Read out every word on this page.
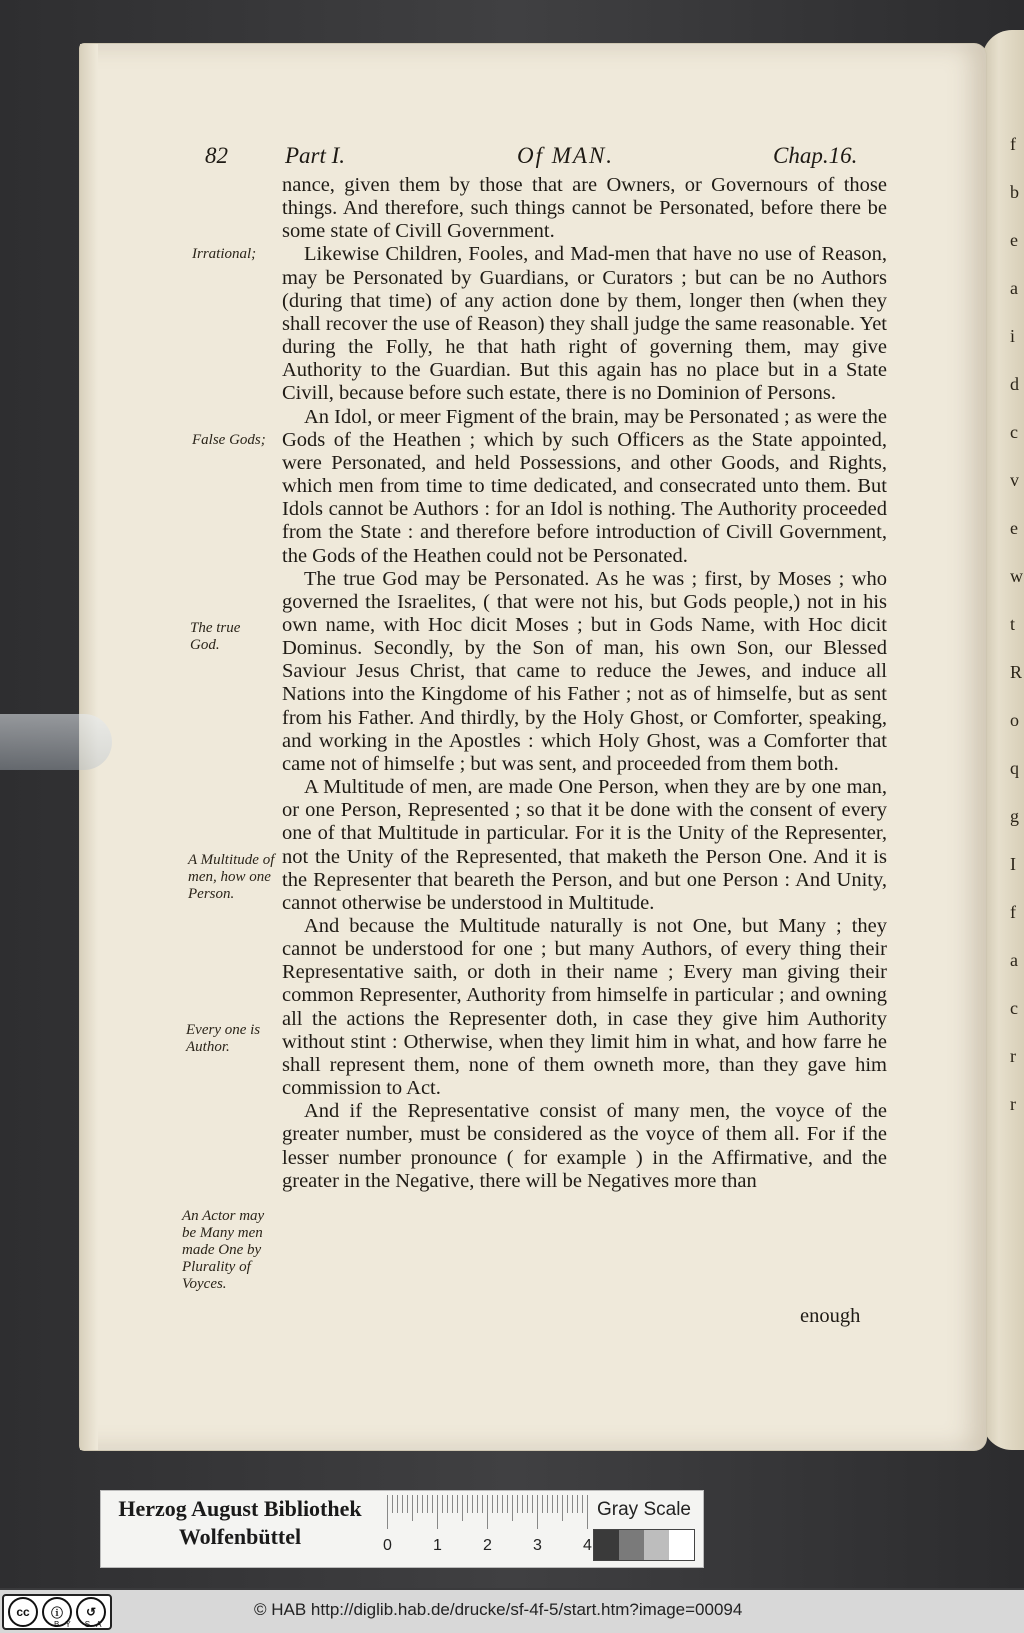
f
b
e
a
i
d
c
v
e
w
t
R
o
q
g
I
f
a
c
r
r
82 Part I.	Of MAN.	Chap.16.
Irrational;
False Gods;
The true God.
A Multitude of men, how one Person.
Every one is Author.
An Actor may be Many men made One by Plurality of Voyces.

nance, given them by those that are Owners, or Governours of those things. And therefore, such things cannot be Personated, before there be some state of Civill Government.

Likewise Children, Fooles, and Mad-men that have no use of Reason, may be Personated by Guardians, or Curators ; but can be no Authors (during that time) of any action done by them, longer then (when they shall recover the use of Reason) they shall judge the same reasonable. Yet during the Folly, he that hath right of governing them, may give Authority to the Guardian. But this again has no place but in a State Civill, because before such estate, there is no Dominion of Persons.

An Idol, or meer Figment of the brain, may be Personated ; as were the Gods of the Heathen ; which by such Officers as the State appointed, were Personated, and held Possessions, and other Goods, and Rights, which men from time to time dedicated, and consecrated unto them. But Idols cannot be Authors : for an Idol is nothing. The Authority proceeded from the State : and therefore before introduction of Civill Government, the Gods of the Heathen could not be Personated.

The true God may be Personated. As he was ; first, by Moses ; who governed the Israelites, ( that were not his, but Gods people,) not in his own name, with Hoc dicit Moses ; but in Gods Name, with Hoc dicit Dominus. Secondly, by the Son of man, his own Son, our Blessed Saviour Jesus Christ, that came to reduce the Jewes, and induce all Nations into the Kingdome of his Father ; not as of himselfe, but as sent from his Father. And thirdly, by the Holy Ghost, or Comforter, speaking, and working in the Apostles : which Holy Ghost, was a Comforter that came not of himselfe ; but was sent, and proceeded from them both.

A Multitude of men, are made One Person, when they are by one man, or one Person, Represented ; so that it be done with the consent of every one of that Multitude in particular. For it is the Unity of the Representer, not the Unity of the Represented, that maketh the Person One. And it is the Representer that beareth the Person, and but one Person : And Unity, cannot otherwise be understood in Multitude.

And because the Multitude naturally is not One, but Many ; they cannot be understood for one ; but many Authors, of every thing their Representative saith, or doth in their name ; Every man giving their common Representer, Authority from himselfe in particular ; and owning all the actions the Representer doth, in case they give him Authority without stint : Otherwise, when they limit him in what, and how farre he shall represent them, none of them owneth more, than they gave him commission to Act.

And if the Representative consist of many men, the voyce of the greater number, must be considered as the voyce of them all. For if the lesser number pronounce ( for example ) in the Affirmative, and the greater in the Negative, there will be Negatives more than

enough
Herzog August Bibliothek
Wolfenbüttel	0	1	2	3	4
Gray Scale
cc	ⓘ	↺
BY SA
© HAB http://diglib.hab.de/drucke/sf-4f-5/start.htm?image=00094
